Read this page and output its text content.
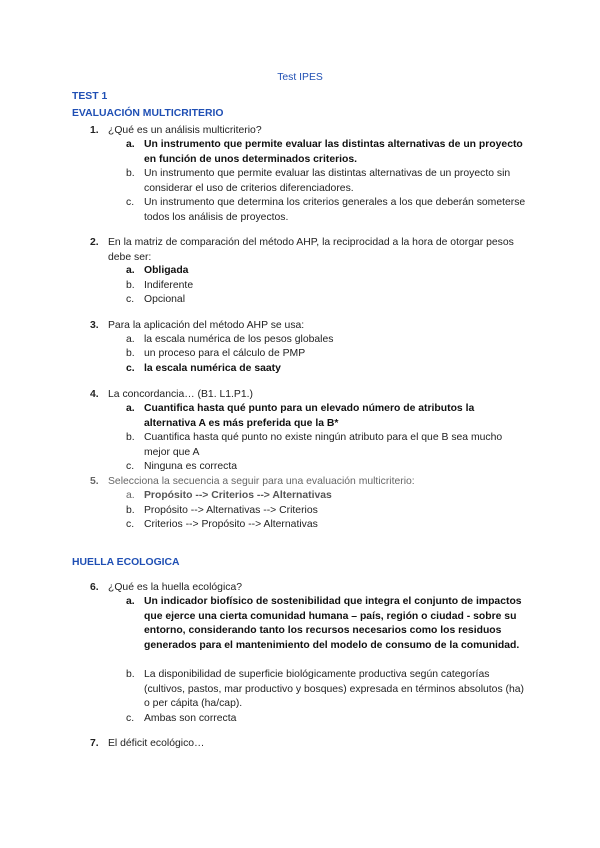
Test IPES
TEST 1
EVALUACIÓN MULTICRITERIO
1. ¿Qué es un análisis multicriterio?
a. Un instrumento que permite evaluar las distintas alternativas de un proyecto en función de unos determinados criterios.
b. Un instrumento que permite evaluar las distintas alternativas de un proyecto sin considerar el uso de criterios diferenciadores.
c. Un instrumento que determina los criterios generales a los que deberán someterse todos los análisis de proyectos.
2. En la matriz de comparación del método AHP, la reciprocidad a la hora de otorgar pesos debe ser:
a. Obligada
b. Indiferente
c. Opcional
3. Para la aplicación del método AHP se usa:
a. la escala numérica de los pesos globales
b. un proceso para el cálculo de PMP
c. la escala numérica de saaty
4. La concordancia… (B1. L1.P1.)
a. Cuantifica hasta qué punto para un elevado número de atributos la alternativa A es más preferida que la B*
b. Cuantifica hasta qué punto no existe ningún atributo para el que B sea mucho mejor que A
c. Ninguna es correcta
5. Selecciona la secuencia a seguir para una evaluación multicriterio:
a. Propósito --> Criterios --> Alternativas
b. Propósito --> Alternativas --> Criterios
c. Criterios --> Propósito --> Alternativas
HUELLA ECOLOGICA
6. ¿Qué es la huella ecológica?
a. Un indicador biofísico de sostenibilidad que integra el conjunto de impactos que ejerce una cierta comunidad humana – país, región o ciudad - sobre su entorno, considerando tanto los recursos necesarios como los residuos generados para el mantenimiento del modelo de consumo de la comunidad.
b. La disponibilidad de superficie biológicamente productiva según categorías (cultivos, pastos, mar productivo y bosques) expresada en términos absolutos (ha) o per cápita (ha/cap).
c. Ambas son correcta
7. El déficit ecológico…
